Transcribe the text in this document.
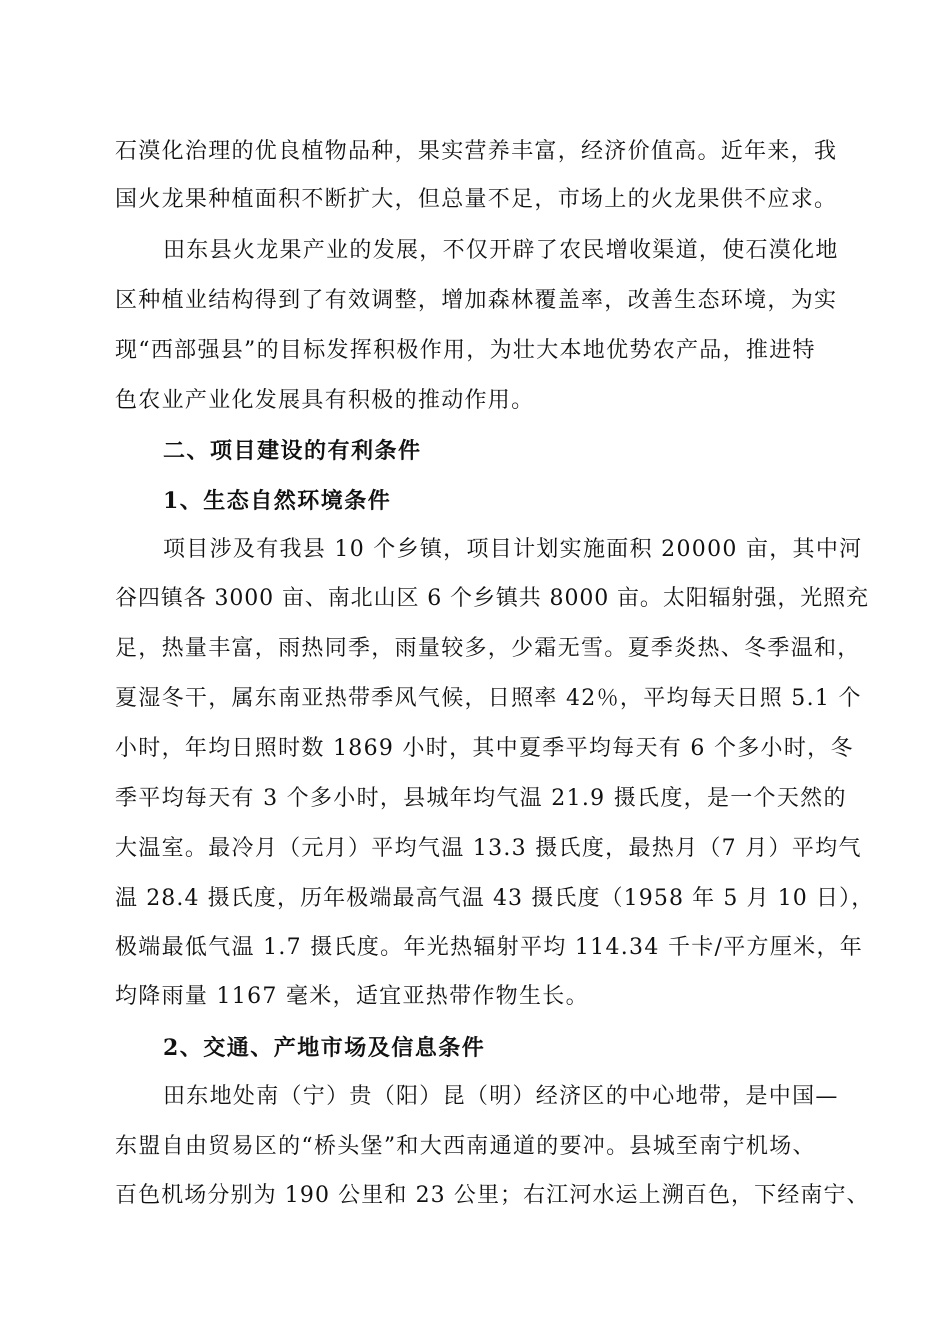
石漠化治理的优良植物品种，果实营养丰富，经济价值高。近年来，我
国火龙果种植面积不断扩大，但总量不足，市场上的火龙果供不应求。
田东县火龙果产业的发展，不仅开辟了农民增收渠道，使石漠化地
区种植业结构得到了有效调整，增加森林覆盖率，改善生态环境，为实
现“西部强县”的目标发挥积极作用，为壮大本地优势农产品，推进特
色农业产业化发展具有积极的推动作用。
二、项目建设的有利条件
1、生态自然环境条件
项目涉及有我县 10 个乡镇，项目计划实施面积 20000 亩，其中河
谷四镇各 3000 亩、南北山区 6 个乡镇共 8000 亩。太阳辐射强，光照充
足，热量丰富，雨热同季，雨量较多，少霜无雪。夏季炎热、冬季温和，
夏湿冬干，属东南亚热带季风气候，日照率 42％，平均每天日照 5.1 个
小时，年均日照时数 1869 小时，其中夏季平均每天有 6 个多小时，冬
季平均每天有 3 个多小时，县城年均气温 21.9 摄氏度，是一个天然的
大温室。最冷月（元月）平均气温 13.3 摄氏度，最热月（7 月）平均气
温 28.4 摄氏度，历年极端最高气温 43 摄氏度（1958 年 5 月 10 日），
极端最低气温 1.7 摄氏度。年光热辐射平均 114.34 千卡/平方厘米，年
均降雨量 1167 毫米，适宜亚热带作物生长。
2、交通、产地市场及信息条件
田东地处南（宁）贵（阳）昆（明）经济区的中心地带，是中国—
东盟自由贸易区的“桥头堡”和大西南通道的要冲。县城至南宁机场、
百色机场分别为 190 公里和 23 公里；右江河水运上溯百色，下经南宁、
